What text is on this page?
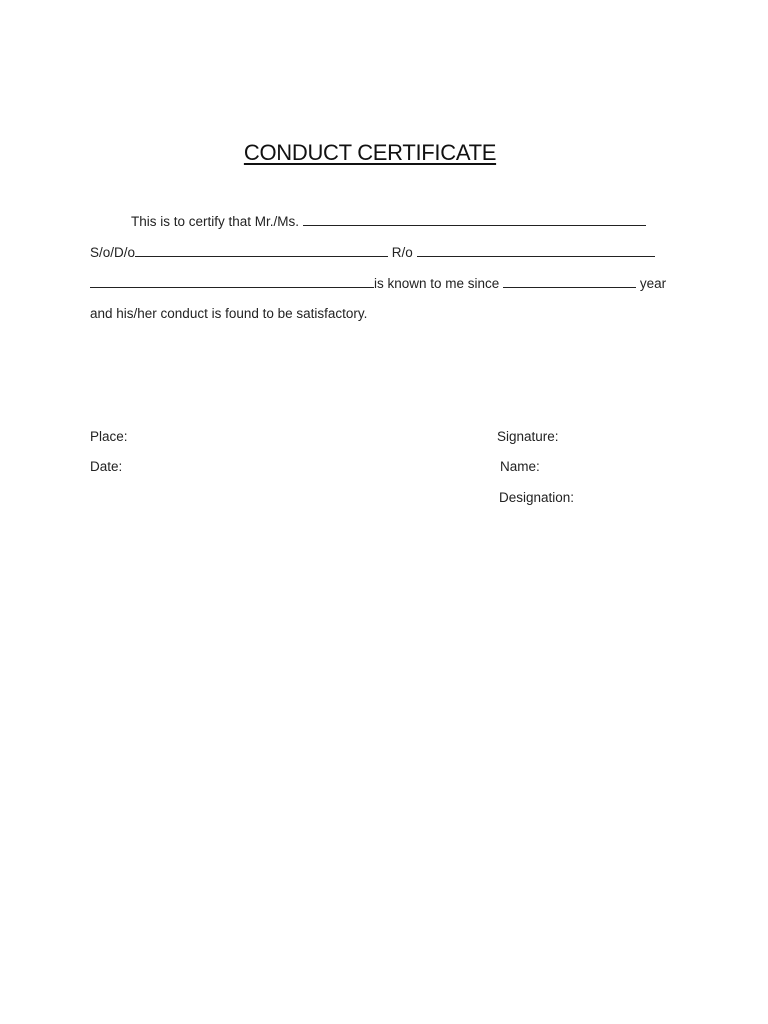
CONDUCT CERTIFICATE
This is to certify that Mr./Ms.
S/o/D/o	R/o
is known to me since	year
and his/her conduct is found to be satisfactory.
Place:
Date:
Signature:
Name:
Designation:
